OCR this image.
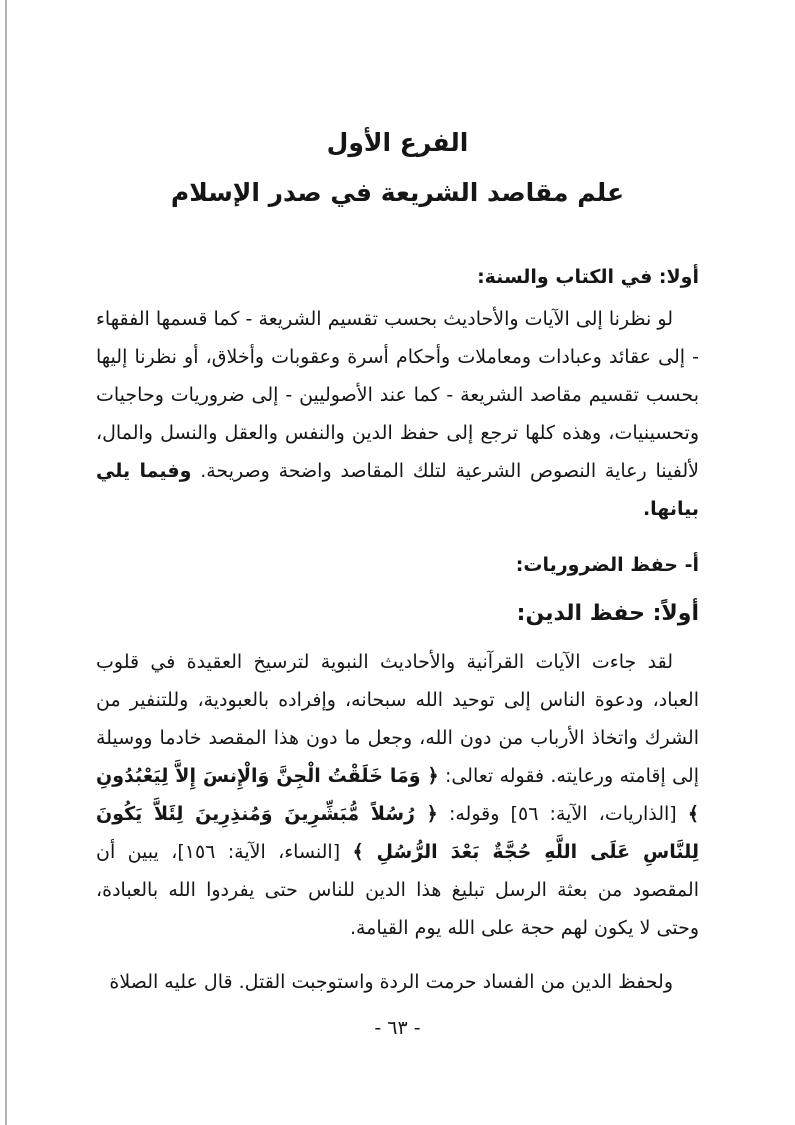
الفرع الأول
علم مقاصد الشريعة في صدر الإسلام
أولا: في الكتاب والسنة:

لو نظرنا إلى الآيات والأحاديث بحسب تقسيم الشريعة - كما قسمها الفقهاء - إلى عقائد وعبادات ومعاملات وأحكام أسرة وعقوبات وأخلاق، أو نظرنا إليها بحسب تقسيم مقاصد الشريعة - كما عند الأصوليين - إلى ضروريات وحاجيات وتحسينيات، وهذه كلها ترجع إلى حفظ الدين والنفس والعقل والنسل والمال، لألفينا رعاية النصوص الشرعية لتلك المقاصد واضحة وصريحة. وفيما يلي بيانها.

أ- حفظ الضروريات:
أولاً: حفظ الدين:

لقد جاءت الآيات القرآنية والأحاديث النبوية لترسيخ العقيدة في قلوب العباد، ودعوة الناس إلى توحيد الله سبحانه، وإفراده بالعبودية، وللتنفير من الشرك واتخاذ الأرباب من دون الله، وجعل ما دون هذا المقصد خادما ووسيلة إلى إقامته ورعايته. فقوله تعالى: ﴿ وَمَا خَلَقْتُ الْجِنَّ وَالْإِنسَ إِلاَّ لِيَعْبُدُونِ ﴾ [الذاريات، الآية: ٥٦] وقوله: ﴿ رُسُلاً مُّبَشِّرِينَ وَمُنذِرِينَ لِئَلاَّ يَكُونَ لِلنَّاسِ عَلَى اللَّهِ حُجَّةٌ بَعْدَ الرُّسُلِ ﴾ [النساء، الآية: ١٥٦]، يبين أن المقصود من بعثة الرسل تبليغ هذا الدين للناس حتى يفردوا الله بالعبادة، وحتى لا يكون لهم حجة على الله يوم القيامة.

ولحفظ الدين من الفساد حرمت الردة واستوجبت القتل. قال عليه الصلاة

- ٦٣ -
